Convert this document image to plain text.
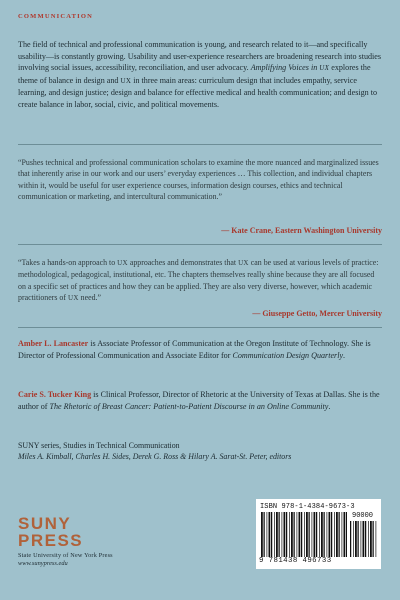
COMMUNICATION

The field of technical and professional communication is young, and research related to it—and specifically usability—is constantly growing. Usability and user-experience researchers are broadening research into studies involving social issues, accessibility, reconciliation, and user advocacy. Amplifying Voices in UX explores the theme of balance in design and UX in three main areas: curriculum design that includes empathy, service learning, and design justice; design and balance for effective medical and health communication; and design to create balance in labor, social, civic, and political movements.

“Pushes technical and professional communication scholars to examine the more nuanced and marginalized issues that inherently arise in our work and our users’ everyday experiences … This collection, and individual chapters within it, would be useful for user experience courses, information design courses, ethics and technical communication or marketing, and intercultural communication.”

— Kate Crane, Eastern Washington University

“Takes a hands-on approach to UX approaches and demonstrates that UX can be used at various levels of practice: methodological, pedagogical, institutional, etc. The chapters themselves really shine because they are all focused on a specific set of practices and how they can be applied. They are also very diverse, however, which academic practitioners of UX need.”

— Giuseppe Getto, Mercer University

Amber L. Lancaster is Associate Professor of Communication at the Oregon Institute of Technology. She is Director of Professional Communication and Associate Editor for Communication Design Quarterly.

Carie S. Tucker King is Clinical Professor, Director of Rhetoric at the University of Texas at Dallas. She is the author of The Rhetoric of Breast Cancer: Patient-to-Patient Discourse in an Online Community.

SUNY series, Studies in Technical Communication
Miles A. Kimball, Charles H. Sides, Derek G. Ross & Hilary A. Sarat-St. Peter, editors

SUNY
PRESS
State University of New York Press
www.sunypress.edu
ISBN 978-1-4384-9673-3
90000
9 781438 496733
